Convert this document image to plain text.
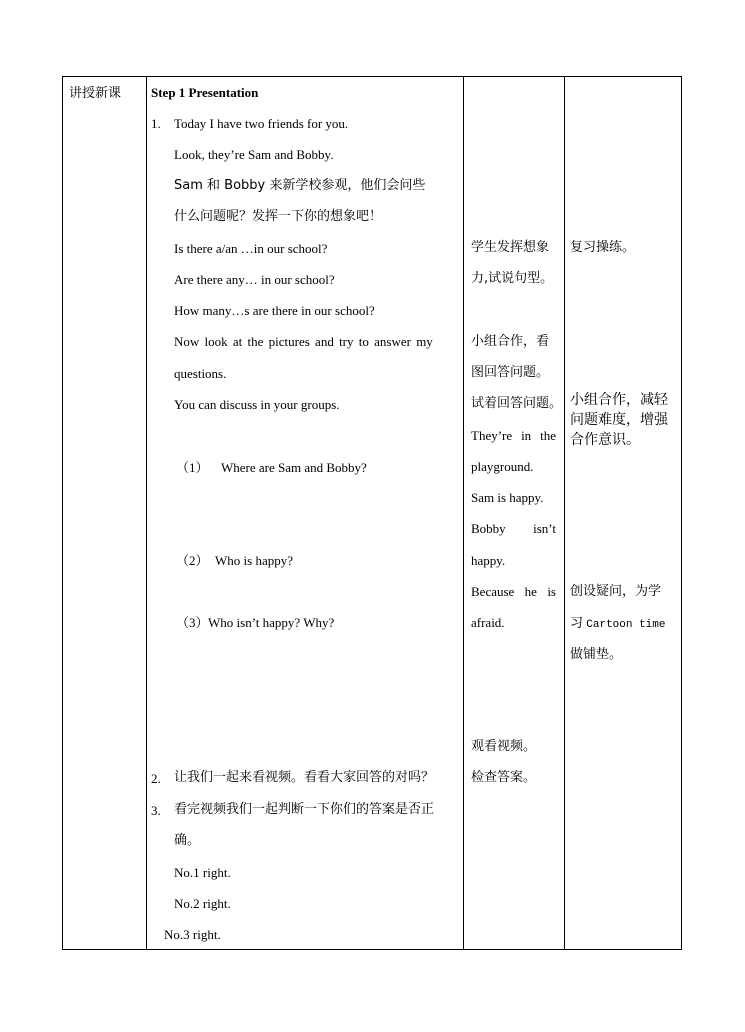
讲授新课 Step 1 Presentation
1. Today I have two friends for you.
Look, they’re Sam and Bobby.
Sam 和 Bobby 来新学校参观，他们会问些
什么问题呢？发挥一下你的想象吧！
Is there a/an …in our school?
Are there any… in our school?
How many…s are there in our school?
Now look at the pictures and try to answer my
questions.
You can discuss in your groups.
（1） Where are Sam and Bobby?
（2） Who is happy?
（3） Who isn’t happy? Why?
2. 让我们一起来看视频。看看大家回答的对吗？
3. 看完视频我们一起判断一下你们的答案是否正
确。
No.1 right.
No.2 right.
No.3 right.
学生发挥想象
力,试说句型。
小组合作，看
图回答问题。
试着回答问题。
They’re in the
playground.
Sam is happy.
Bobby isn’t
happy.
Because he is
afraid.
观看视频。
检查答案。
复习操练。
小组合作，减轻
问题难度，增强
合作意识。
创设疑问，为学
习 Cartoon time
做铺垫。
